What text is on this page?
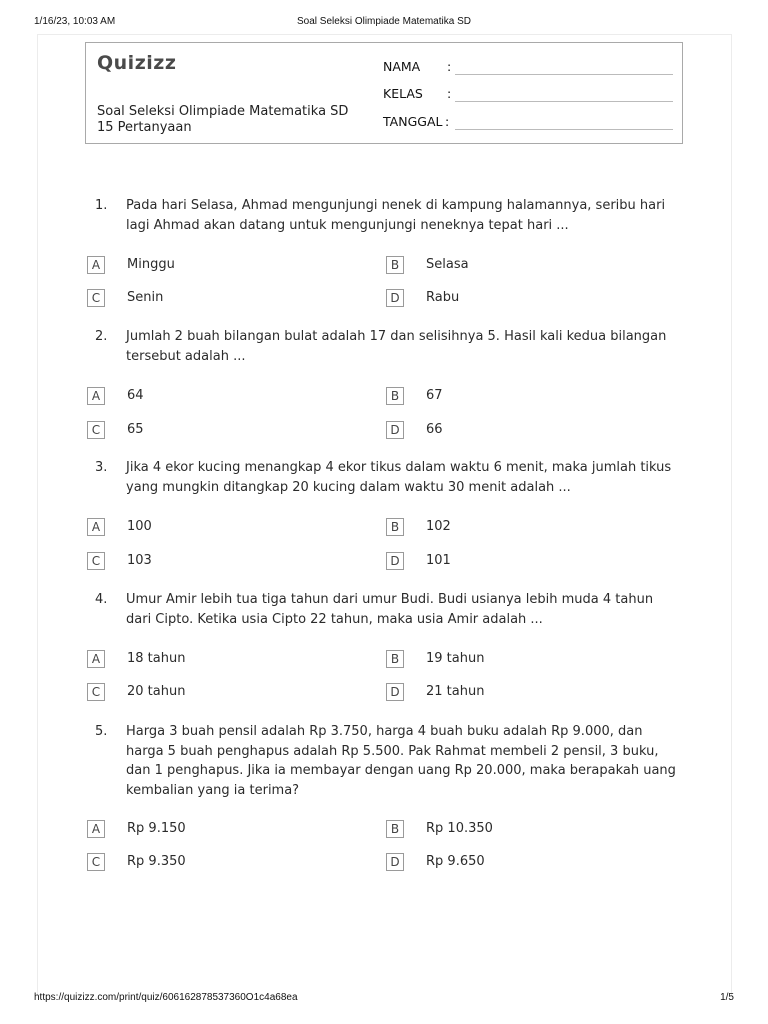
1/16/23, 10:03 AM	Soal Seleksi Olimpiade Matematika SD
Quizizz
Soal Seleksi Olimpiade Matematika SD
15 Pertanyaan
NAMA :
KELAS :
TANGGAL :
1. Pada hari Selasa, Ahmad mengunjungi nenek di kampung halamannya, seribu hari lagi Ahmad akan datang untuk mengunjungi neneknya tepat hari ...
A	Minggu	B	Selasa
C	Senin	D	Rabu
2. Jumlah 2 buah bilangan bulat adalah 17 dan selisihnya 5. Hasil kali kedua bilangan tersebut adalah ...
A	64	B	67
C	65	D	66
3. Jika 4 ekor kucing menangkap 4 ekor tikus dalam waktu 6 menit, maka jumlah tikus yang mungkin ditangkap 20 kucing dalam waktu 30 menit adalah ...
A	100	B	102
C	103	D	101
4. Umur Amir lebih tua tiga tahun dari umur Budi. Budi usianya lebih muda 4 tahun dari Cipto. Ketika usia Cipto 22 tahun, maka usia Amir adalah ...
A	18 tahun	B	19 tahun
C	20 tahun	D	21 tahun
5. Harga 3 buah pensil adalah Rp 3.750, harga 4 buah buku adalah Rp 9.000, dan harga 5 buah penghapus adalah Rp 5.500. Pak Rahmat membeli 2 pensil, 3 buku, dan 1 penghapus. Jika ia membayar dengan uang Rp 20.000, maka berapakah uang kembalian yang ia terima?
A	Rp 9.150	B	Rp 10.350
C	Rp 9.350	D	Rp 9.650
https://quizizz.com/print/quiz/606162878537360O1c4a68ea	1/5
